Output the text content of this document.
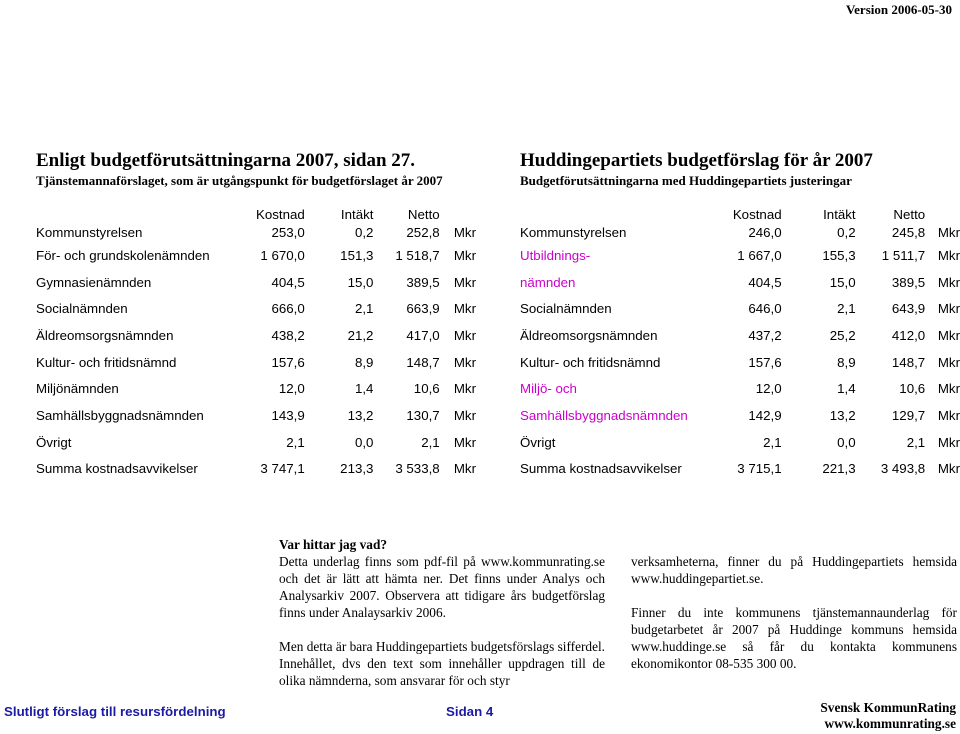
Version 2006-05-30
Enligt budgetförutsättningarna 2007, sidan 27.
Tjänstemannaförslaget, som är utgångspunkt för budgetförslaget år 2007
	Kostnad	Intäkt	Netto	
Kommunstyrelsen	253,0	0,2	252,8	Mkr
För- och grundskolenämnden	1 670,0	151,3	1 518,7	Mkr
Gymnasienämnden	404,5	15,0	389,5	Mkr
Socialnämnden	666,0	2,1	663,9	Mkr
Äldreomsorgsnämnden	438,2	21,2	417,0	Mkr
Kultur- och fritidsnämnd	157,6	8,9	148,7	Mkr
Miljönämnden	12,0	1,4	10,6	Mkr
Samhällsbyggnadsnämnden	143,9	13,2	130,7	Mkr
Övrigt	2,1	0,0	2,1	Mkr
Summa kostnadsavvikelser	3 747,1	213,3	3 533,8	Mkr
Huddingepartiets budgetförslag för år 2007
Budgetförutsättningarna med Huddingepartiets justeringar
	Kostnad	Intäkt	Netto	
Kommunstyrelsen	246,0	0,2	245,8	Mkr
Utbildnings-	1 667,0	155,3	1 511,7	Mkr
nämnden	404,5	15,0	389,5	Mkr
Socialnämnden	646,0	2,1	643,9	Mkr
Äldreomsorgsnämnden	437,2	25,2	412,0	Mkr
Kultur- och fritidsnämnd	157,6	8,9	148,7	Mkr
Miljö- och	12,0	1,4	10,6	Mkr
Samhällsbyggnadsnämnden	142,9	13,2	129,7	Mkr
Övrigt	2,1	0,0	2,1	Mkr
Summa kostnadsavvikelser	3 715,1	221,3	3 493,8	Mkr

Var hittar jag vad?

Detta underlag finns som pdf-fil på www.kommunrating.se och det är lätt att hämta ner. Det finns under Analys och Analysarkiv 2007. Observera att tidigare års budgetförslag finns under Analaysarkiv 2006.

Men detta är bara Huddingepartiets budgetsförslags sifferdel. Innehållet, dvs den text som innehåller uppdragen till de olika nämnderna, som ansvarar för och styr

verksamheterna, finner du på Huddingepartiets hemsida www.huddingepartiet.se.

Finner du inte kommunens tjänstemannaunderlag för budgetarbetet år 2007 på Huddinge kommuns hemsida www.huddinge.se så får du kontakta kommunens ekonomikontor 08-535 300 00.

Slutligt förslag till resursfördelning	Sidan 4	Svensk KommunRating
www.kommunrating.se
